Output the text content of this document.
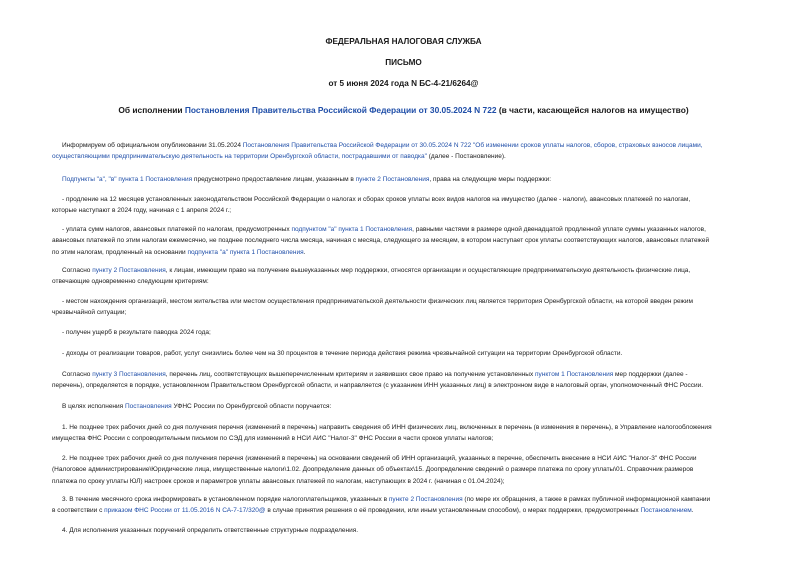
ФЕДЕРАЛЬНАЯ НАЛОГОВАЯ СЛУЖБА
ПИСЬМО
от 5 июня 2024 года N БС-4-21/6264@
Об исполнении Постановления Правительства Российской Федерации от 30.05.2024 N 722 (в части, касающейся налогов на имущество)
Информируем об официальном опубликовании 31.05.2024 Постановления Правительства Российской Федерации от 30.05.2024 N 722 "Об изменении сроков уплаты налогов, сборов, страховых взносов лицами,
осуществляющими предпринимательскую деятельность на территории Оренбургской области, пострадавшими от паводка" (далее - Постановление).
Подпункты "а", "в" пункта 1 Постановления предусмотрено предоставление лицам, указанным в пункте 2 Постановления, права на следующие меры поддержки:
- продление на 12 месяцев установленных законодательством Российской Федерации о налогах и сборах сроков уплаты всех видов налогов на имущество (далее - налоги), авансовых платежей по налогам,
которые наступают в 2024 году, начиная с 1 апреля 2024 г.;
- уплата сумм налогов, авансовых платежей по налогам, предусмотренных подпунктом "а" пункта 1 Постановления, равными частями в размере одной двенадцатой продленной уплате суммы указанных налогов,
авансовых платежей по этим налогам ежемесячно, не позднее последнего числа месяца, начиная с месяца, следующего за месяцем, в котором наступает срок уплаты соответствующих налогов, авансовых платежей
по этим налогам, продленный на основании подпункта "а" пункта 1 Постановления.
Согласно пункту 2 Постановления, к лицам, имеющим право на получение вышеуказанных мер поддержки, относятся организации и осуществляющие предпринимательскую деятельность физические лица,
отвечающие одновременно следующим критериям:
- местом нахождения организаций, местом жительства или местом осуществления предпринимательской деятельности физических лиц является территория Оренбургской области, на которой введен режим
чрезвычайной ситуации;
- получен ущерб в результате паводка 2024 года;
- доходы от реализации товаров, работ, услуг снизились более чем на 30 процентов в течение периода действия режима чрезвычайной ситуации на территории Оренбургской области.
Согласно пункту 3 Постановления, перечень лиц, соответствующих вышеперечисленным критериям и заявивших свое право на получение установленных пунктом 1 Постановления мер поддержки (далее -
перечень), определяется в порядке, установленном Правительством Оренбургской области, и направляется (с указанием ИНН указанных лиц) в электронном виде в налоговый орган, уполномоченный ФНС России.
В целях исполнения Постановления УФНС России по Оренбургской области поручается:
1. Не позднее трех рабочих дней со дня получения перечня (изменений в перечень) направить сведения об ИНН физических лиц, включенных в перечень (в изменения в перечень), в Управление налогообложения
имущества ФНС России с сопроводительным письмом по СЭД для изменений в НСИ АИС "Налог-3" ФНС России в части сроков уплаты налогов;
2. Не позднее трех рабочих дней со дня получения перечня (изменений в перечень) на основании сведений об ИНН организаций, указанных в перечне, обеспечить внесение в НСИ АИС "Налог-3" ФНС России
(Налоговое администрирование\Юридические лица, имущественные налоги\1.02. Доопределение данных об объектах\15. Доопределение сведений о размере платежа по сроку уплаты\01. Справочник размеров
платежа по сроку уплаты ЮЛ) настроек сроков и параметров уплаты авансовых платежей по налогам, наступающих в 2024 г. (начиная с 01.04.2024);
3. В течение месячного срока информировать в установленном порядке налогоплательщиков, указанных в пункте 2 Постановления (по мере их обращения, а также в рамках публичной информационной кампании
в соответствии с приказом ФНС России от 11.05.2016 N СА-7-17/320@ в случае принятия решения о её проведении, или иным установленным способом), о мерах поддержки, предусмотренных Постановлением.
4. Для исполнения указанных поручений определить ответственные структурные подразделения.
